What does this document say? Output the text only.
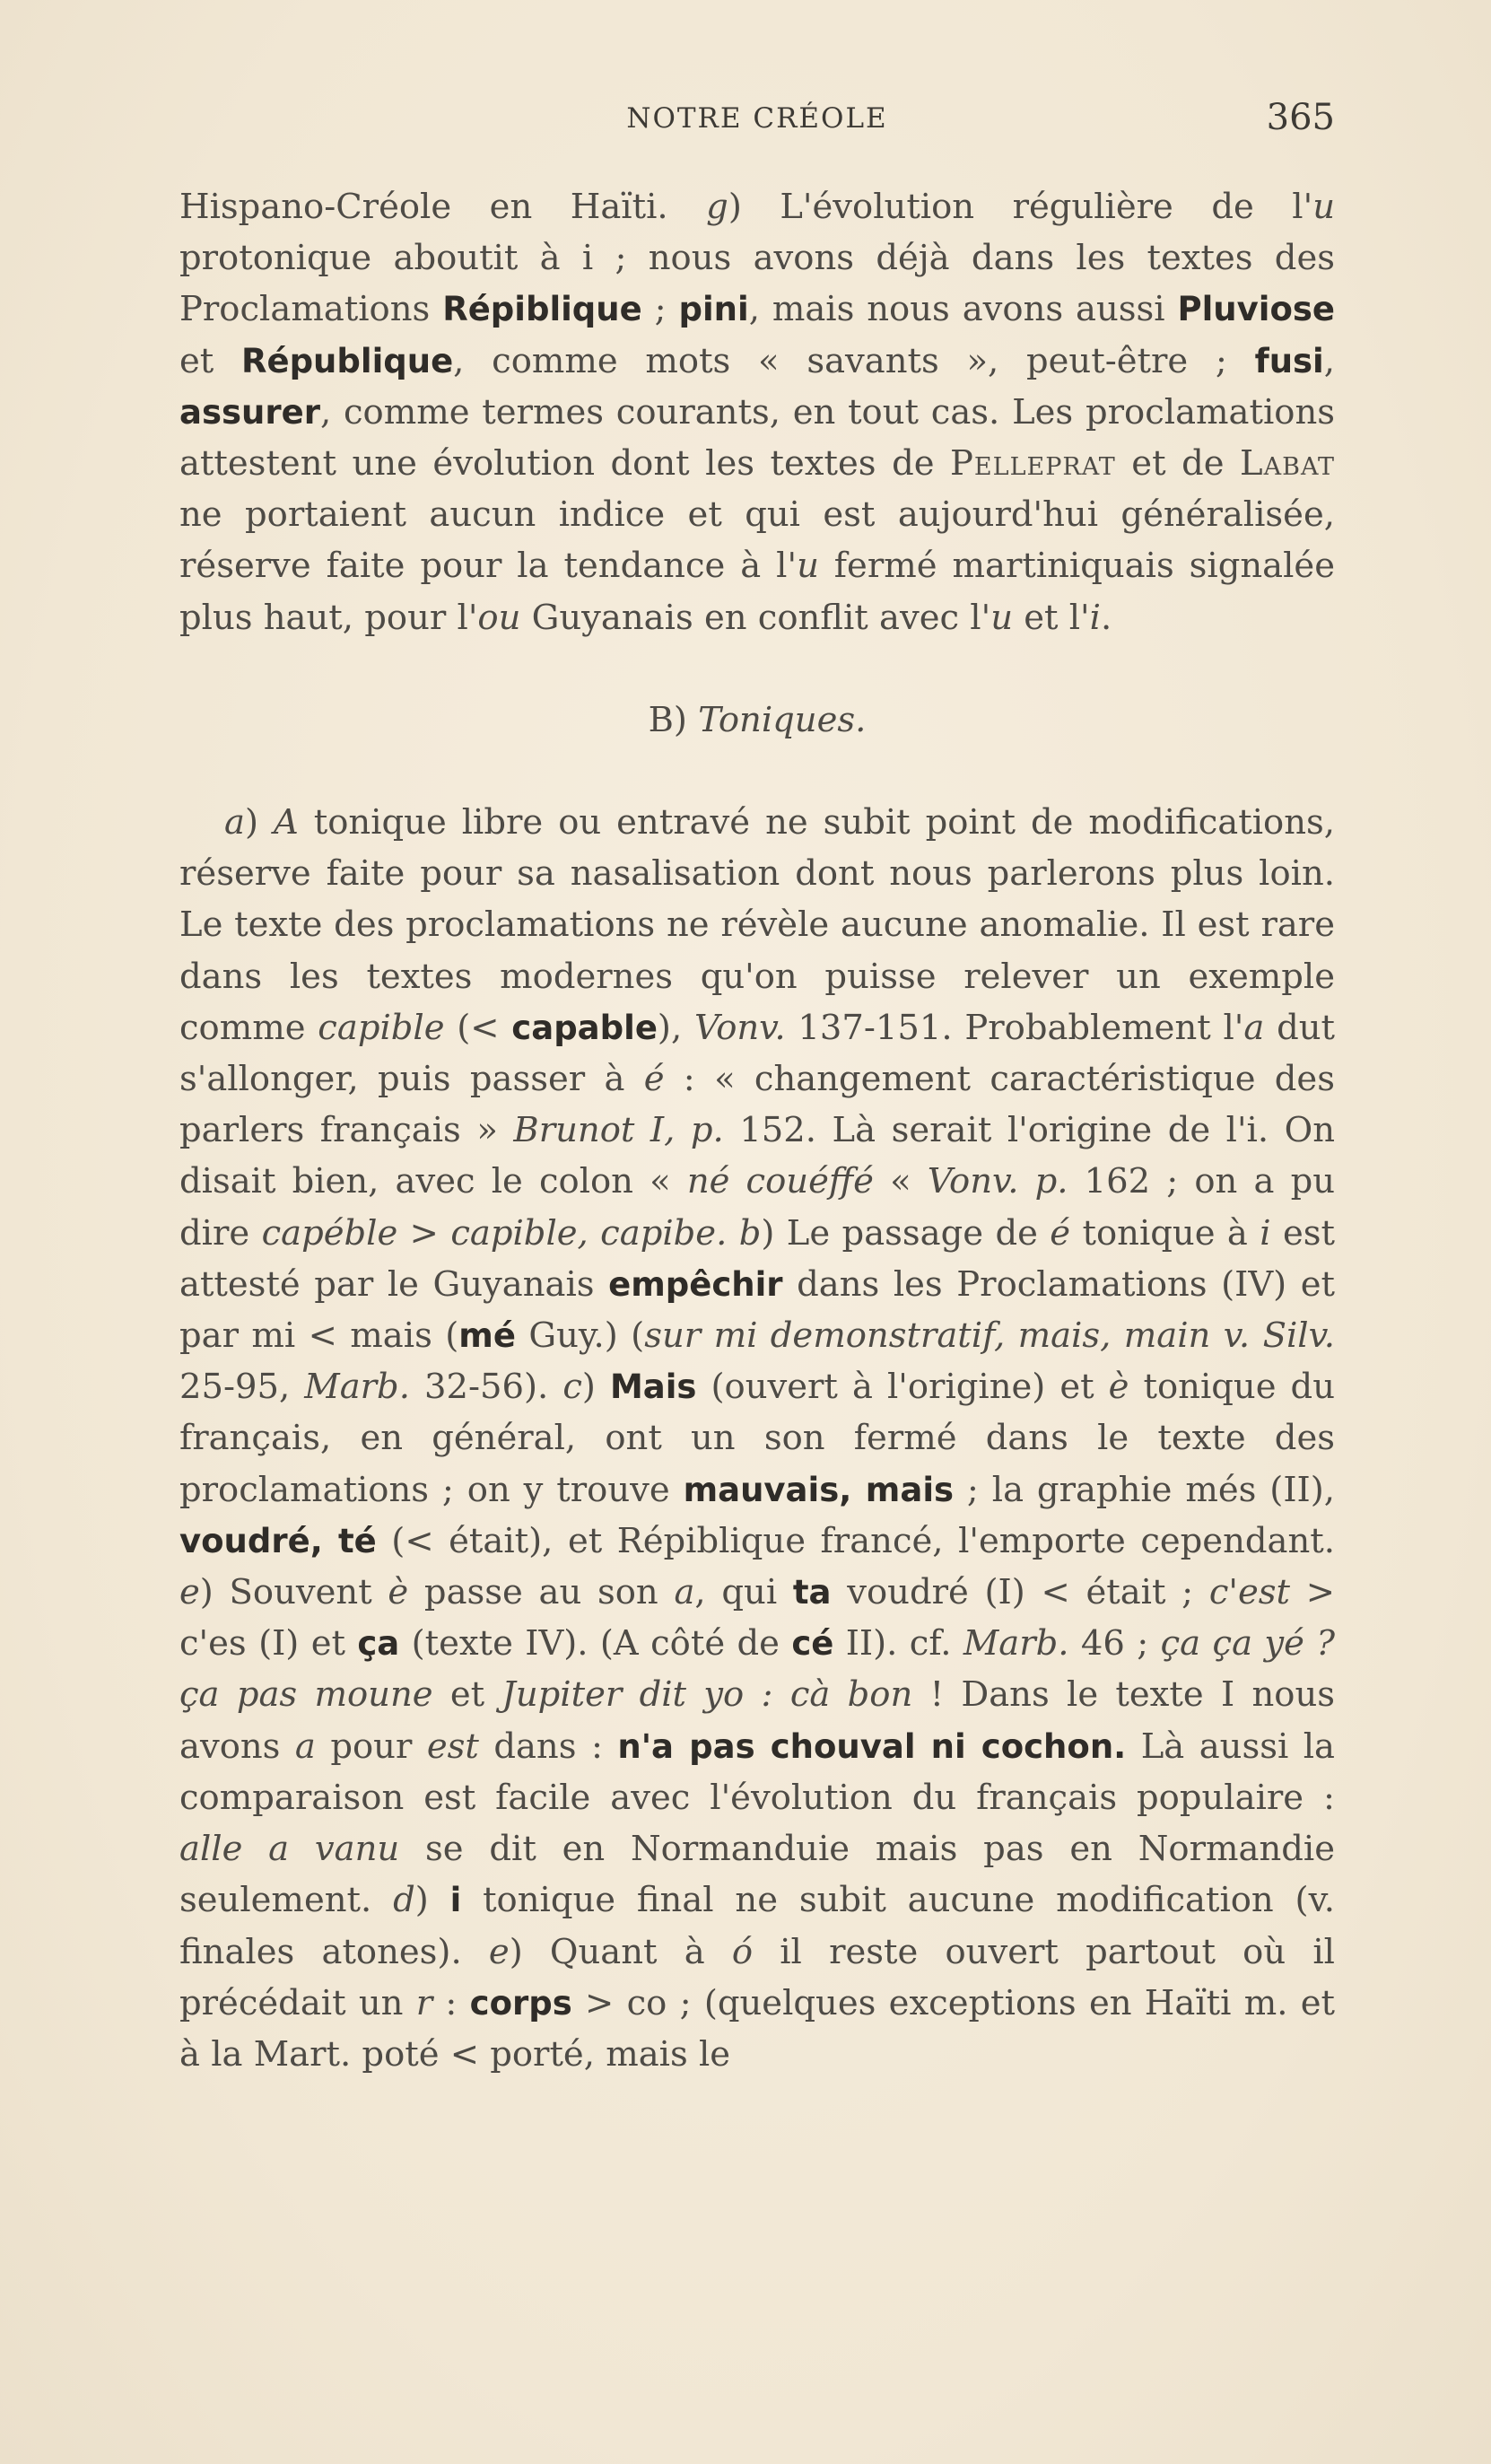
NOTRE CRÉOLE	365

Hispano-Créole en Haïti. g) L'évolution régulière de l'u protonique aboutit à i ; nous avons déjà dans les textes des Proclamations Répiblique ; pini, mais nous avons aussi Pluviose et République, comme mots « savants », peut-être ; fusi, assurer, comme termes courants, en tout cas. Les proclamations attestent une évolution dont les textes de Pelleprat et de Labat ne portaient aucun indice et qui est aujourd'hui généralisée, réserve faite pour la tendance à l'u fermé martiniquais signalée plus haut, pour l'ou Guyanais en conflit avec l'u et l'i.

B) Toniques.

a) A tonique libre ou entravé ne subit point de modifications, réserve faite pour sa nasalisation dont nous parlerons plus loin. Le texte des proclamations ne révèle aucune anomalie. Il est rare dans les textes modernes qu'on puisse relever un exemple comme capible (< capable), Vonv. 137-151. Probablement l'a dut s'allonger, puis passer à é : « changement caractéristique des parlers français » Brunot I, p. 152. Là serait l'origine de l'i. On disait bien, avec le colon « né couéffé « Vonv. p. 162 ; on a pu dire capéble > capible, capibe. b) Le passage de é tonique à i est attesté par le Guyanais empêchir dans les Proclamations (IV) et par mi < mais (mé Guy.) (sur mi demonstratif, mais, main v. Silv. 25-95, Marb. 32-56). c) Mais (ouvert à l'origine) et è tonique du français, en général, ont un son fermé dans le texte des proclamations ; on y trouve mauvais, mais ; la graphie més (II), voudré, té (< était), et Répiblique francé, l'emporte cependant. e) Souvent è passe au son a, qui ta voudré (I) < était ; c'est > c'es (I) et ça (texte IV). (A côté de cé II). cf. Marb. 46 ; ça ça yé ? ça pas moune et Jupiter dit yo : cà bon ! Dans le texte I nous avons a pour est dans : n'a pas chouval ni cochon. Là aussi la comparaison est facile avec l'évolution du français populaire : alle a vanu se dit en Normanduie mais pas en Normandie seulement. d) i tonique final ne subit aucune modification (v. finales atones). e) Quant à ó il reste ouvert partout où il précédait un r : corps > co ; (quelques exceptions en Haïti m. et à la Mart. poté < porté, mais le
